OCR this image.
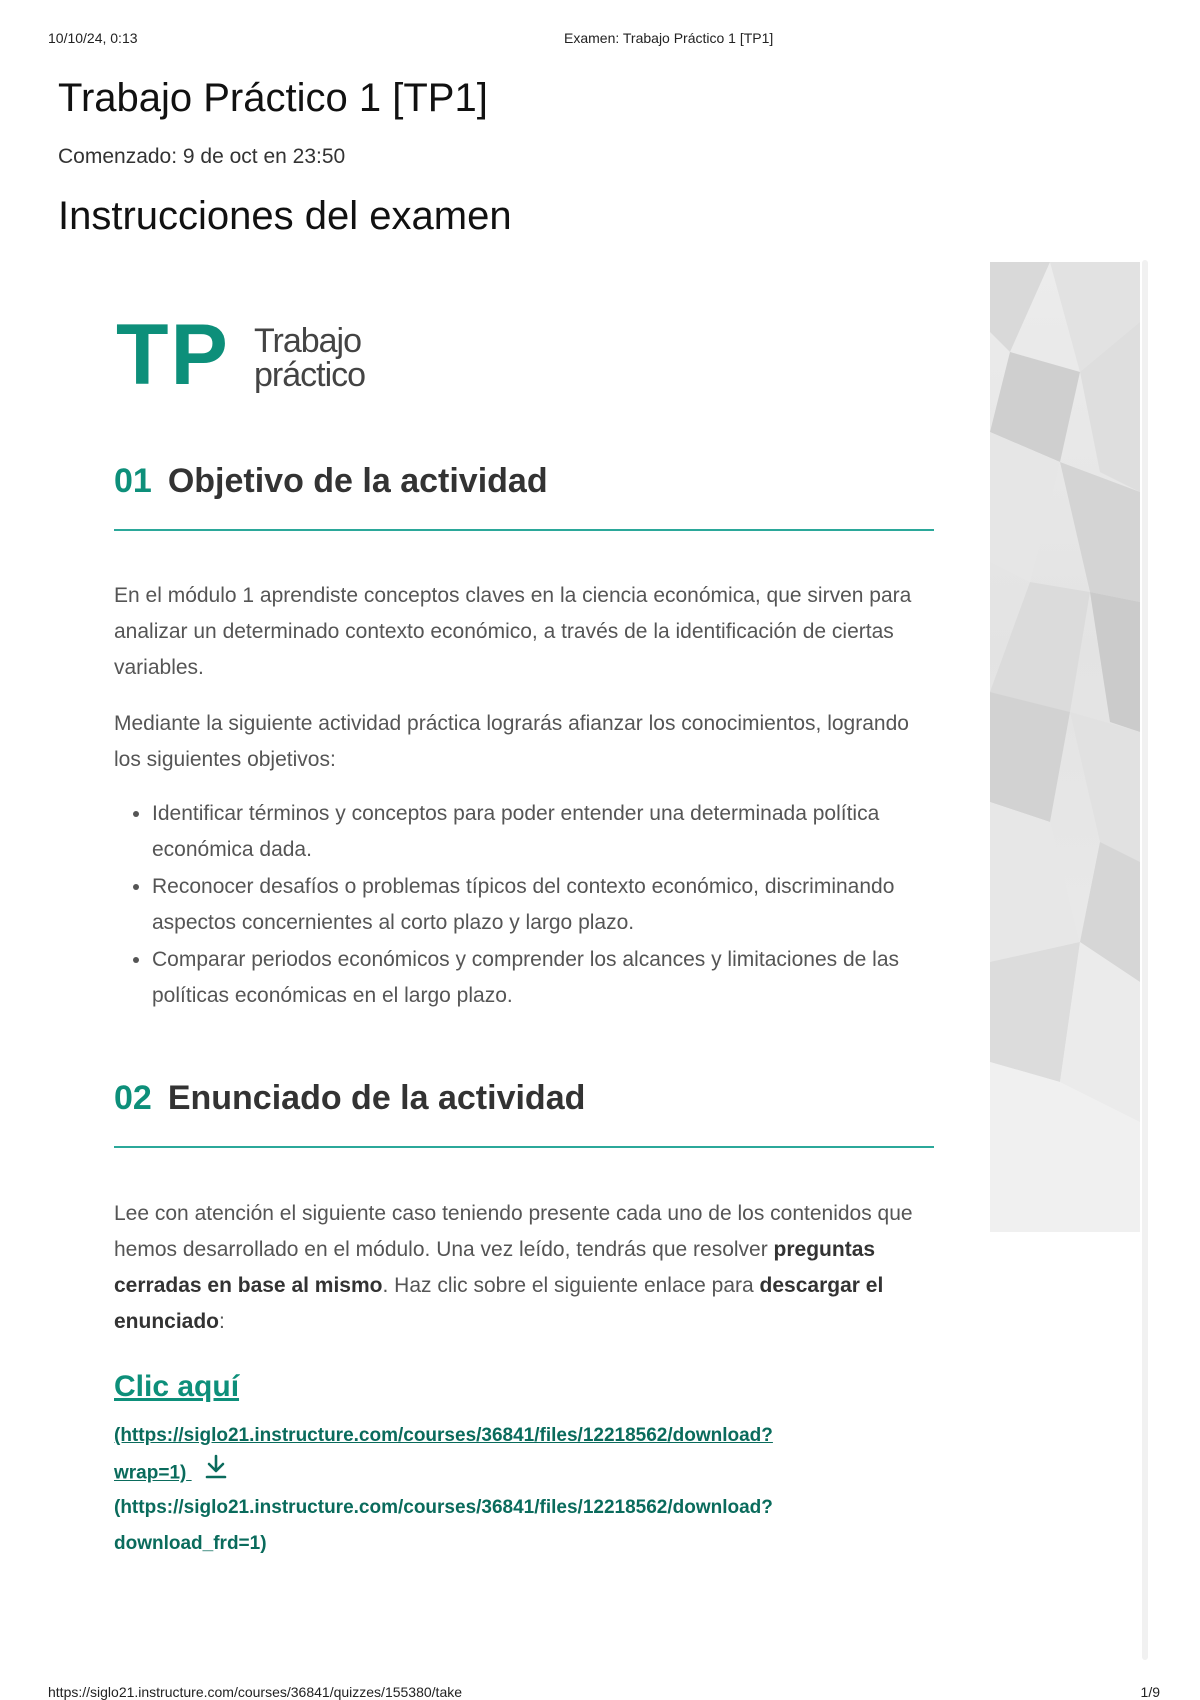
10/10/24, 0:13	Examen: Trabajo Práctico 1 [TP1]
Trabajo Práctico 1 [TP1]
Comenzado: 9 de oct en 23:50
Instrucciones del examen
TP Trabajo
práctico
01 Objetivo de la actividad

En el módulo 1 aprendiste conceptos claves en la ciencia económica, que sirven para analizar un determinado contexto económico, a través de la identificación de ciertas variables.

Mediante la siguiente actividad práctica lograrás afianzar los conocimientos, logrando los siguientes objetivos:

• Identificar términos y conceptos para poder entender una determinada política económica dada.
• Reconocer desafíos o problemas típicos del contexto económico, discriminando aspectos concernientes al corto plazo y largo plazo.
• Comparar periodos económicos y comprender los alcances y limitaciones de las políticas económicas en el largo plazo.
02 Enunciado de la actividad

Lee con atención el siguiente caso teniendo presente cada uno de los contenidos que hemos desarrollado en el módulo. Una vez leído, tendrás que resolver preguntas cerradas en base al mismo. Haz clic sobre el siguiente enlace para descargar el enunciado:

Clic aquí
(https://siglo21.instructure.com/courses/36841/files/12218562/download?
wrap=1)
(https://siglo21.instructure.com/courses/36841/files/12218562/download?
download_frd=1)
https://siglo21.instructure.com/courses/36841/quizzes/155380/take	1/9
